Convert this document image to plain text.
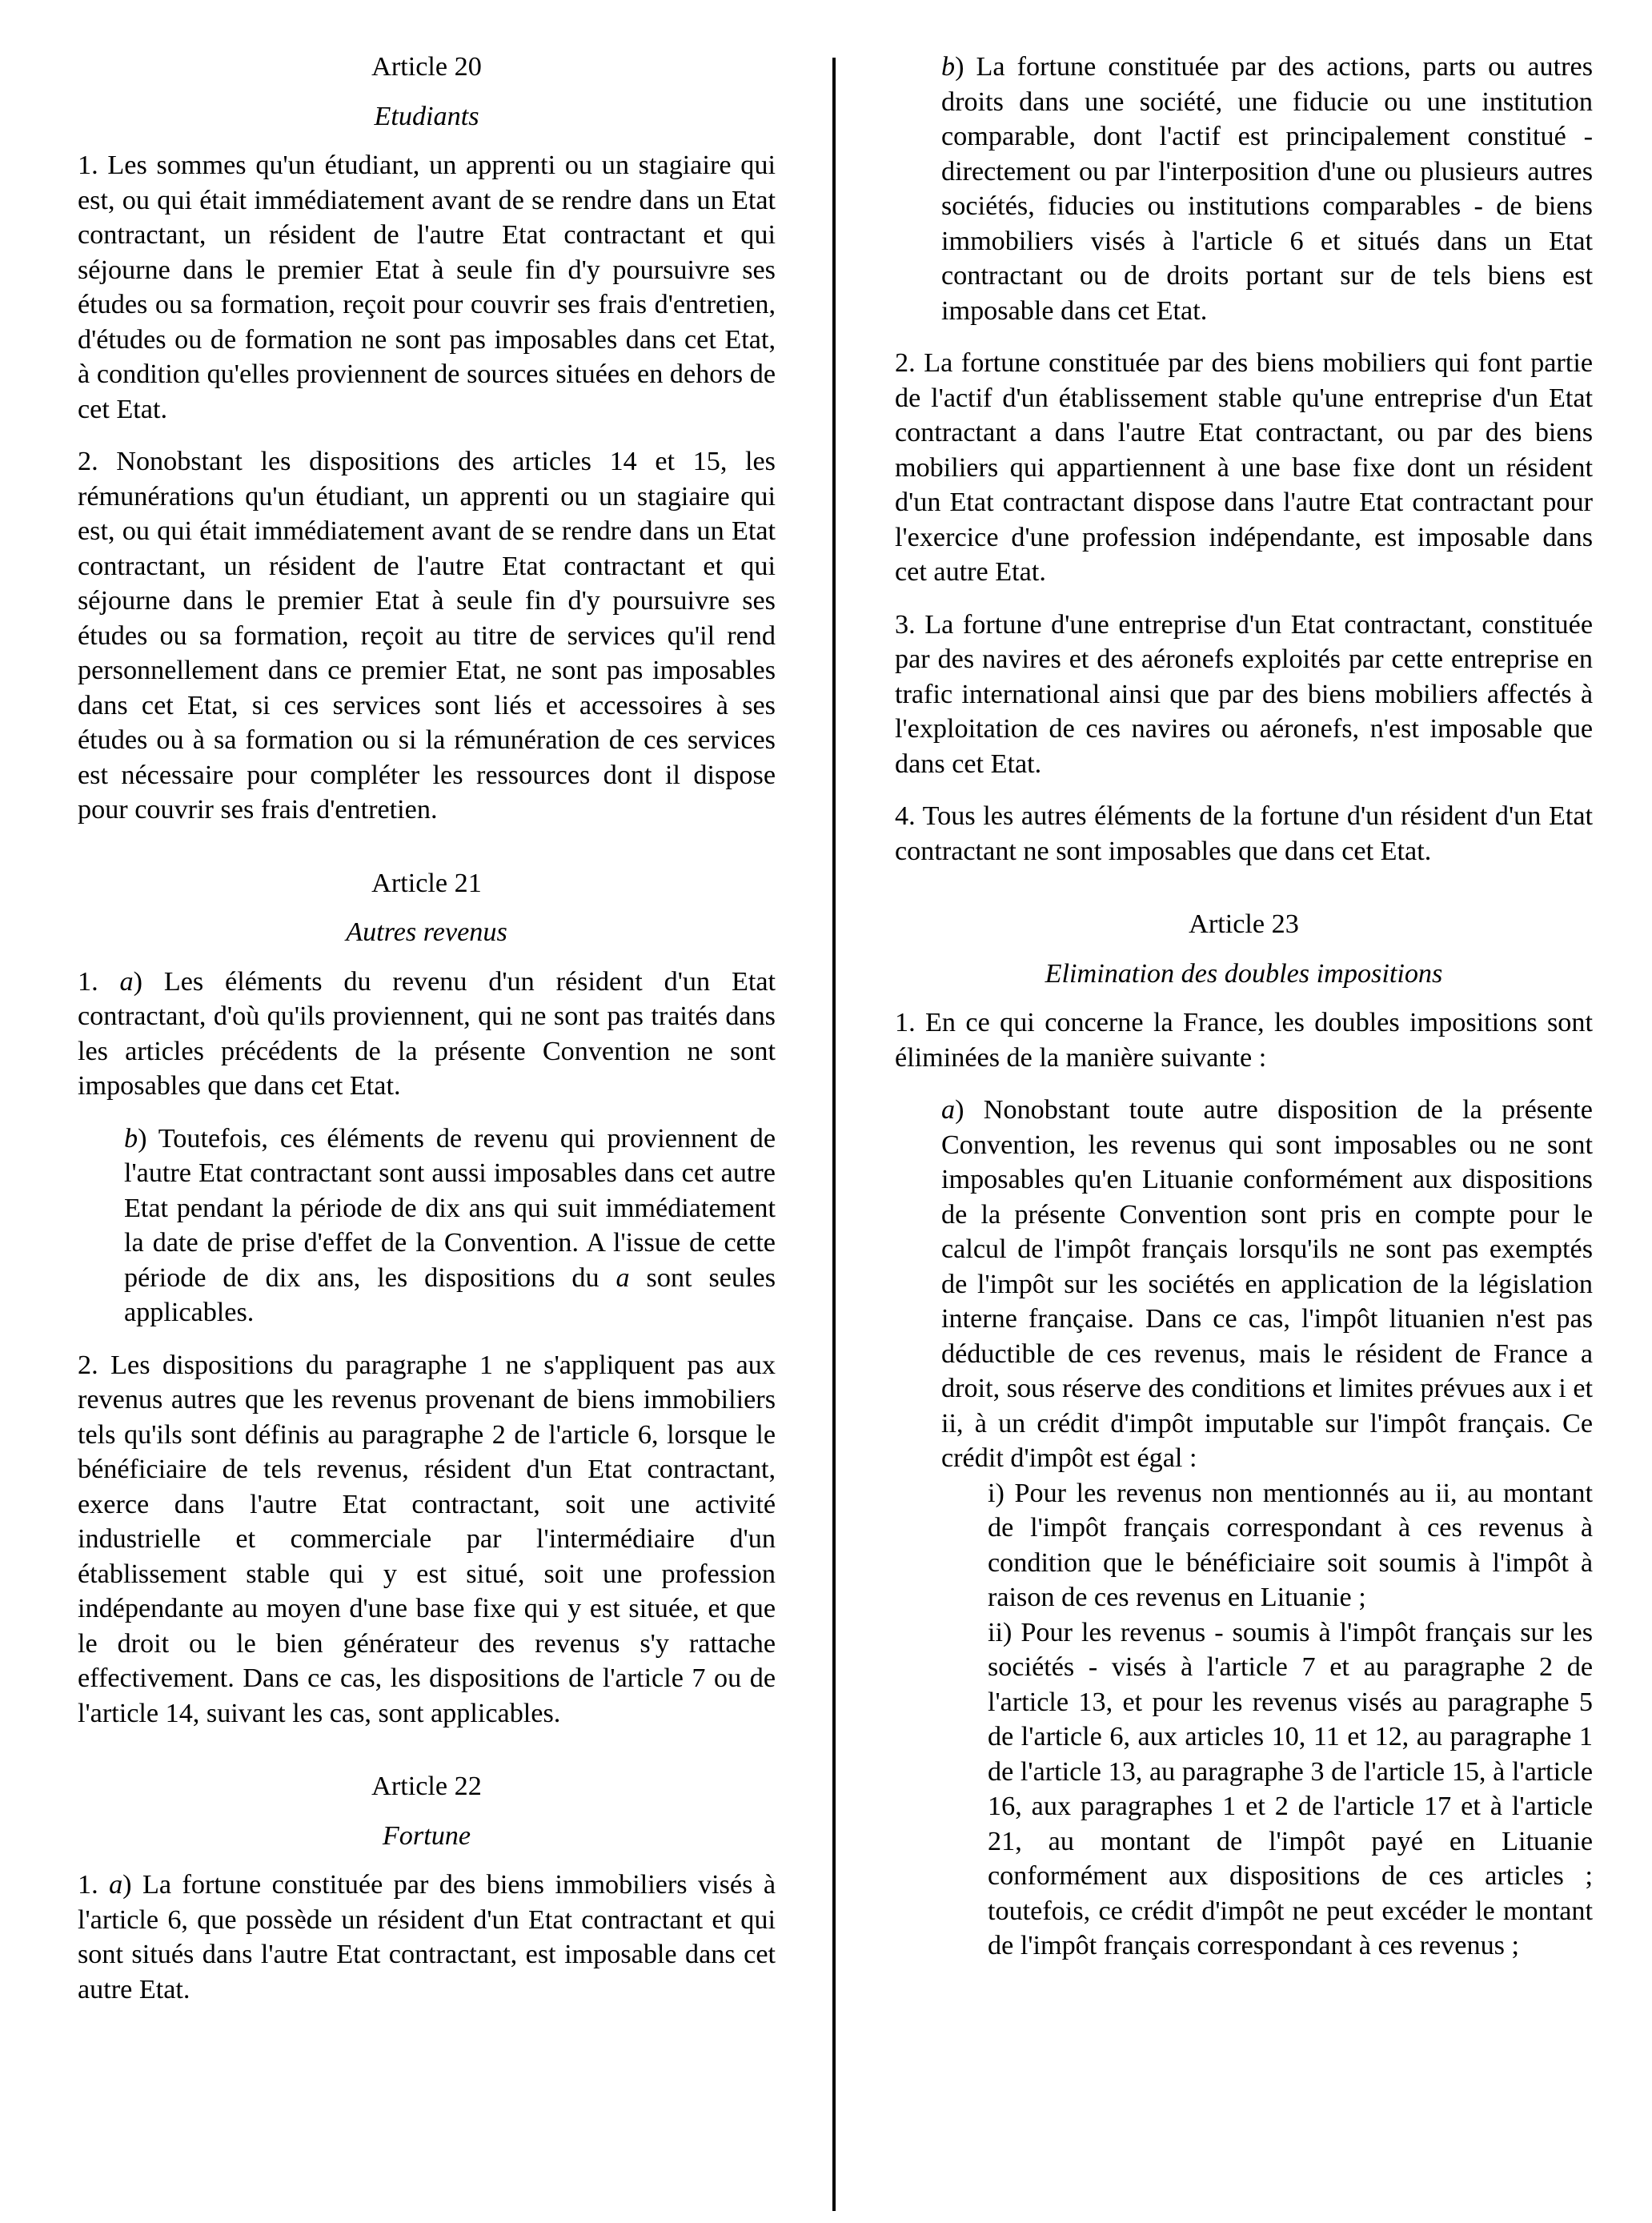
Article 20
Etudiants

1. Les sommes qu'un étudiant, un apprenti ou un stagiaire qui est, ou qui était immédiatement avant de se rendre dans un Etat contractant, un résident de l'autre Etat contractant et qui séjourne dans le premier Etat à seule fin d'y poursuivre ses études ou sa formation, reçoit pour couvrir ses frais d'entretien, d'études ou de formation ne sont pas imposables dans cet Etat, à condition qu'elles proviennent de sources situées en dehors de cet Etat.

2. Nonobstant les dispositions des articles 14 et 15, les rémunérations qu'un étudiant, un apprenti ou un stagiaire qui est, ou qui était immédiatement avant de se rendre dans un Etat contractant, un résident de l'autre Etat contractant et qui séjourne dans le premier Etat à seule fin d'y poursuivre ses études ou sa formation, reçoit au titre de services qu'il rend personnellement dans ce premier Etat, ne sont pas imposables dans cet Etat, si ces services sont liés et accessoires à ses études ou à sa formation ou si la rémunération de ces services est nécessaire pour compléter les ressources dont il dispose pour couvrir ses frais d'entretien.

Article 21
Autres revenus

1. a) Les éléments du revenu d'un résident d'un Etat contractant, d'où qu'ils proviennent, qui ne sont pas traités dans les articles précédents de la présente Convention ne sont imposables que dans cet Etat.

b) Toutefois, ces éléments de revenu qui proviennent de l'autre Etat contractant sont aussi imposables dans cet autre Etat pendant la période de dix ans qui suit immédiatement la date de prise d'effet de la Convention. A l'issue de cette période de dix ans, les dispositions du a sont seules applicables.

2. Les dispositions du paragraphe 1 ne s'appliquent pas aux revenus autres que les revenus provenant de biens immobiliers tels qu'ils sont définis au paragraphe 2 de l'article 6, lorsque le bénéficiaire de tels revenus, résident d'un Etat contractant, exerce dans l'autre Etat contractant, soit une activité industrielle et commerciale par l'intermédiaire d'un établissement stable qui y est situé, soit une profession indépendante au moyen d'une base fixe qui y est située, et que le droit ou le bien générateur des revenus s'y rattache effectivement. Dans ce cas, les dispositions de l'article 7 ou de l'article 14, suivant les cas, sont applicables.

Article 22
Fortune

1. a) La fortune constituée par des biens immobiliers visés à l'article 6, que possède un résident d'un Etat contractant et qui sont situés dans l'autre Etat contractant, est imposable dans cet autre Etat.

b) La fortune constituée par des actions, parts ou autres droits dans une société, une fiducie ou une institution comparable, dont l'actif est principalement constitué - directement ou par l'interposition d'une ou plusieurs autres sociétés, fiducies ou institutions comparables - de biens immobiliers visés à l'article 6 et situés dans un Etat contractant ou de droits portant sur de tels biens est imposable dans cet Etat.

2. La fortune constituée par des biens mobiliers qui font partie de l'actif d'un établissement stable qu'une entreprise d'un Etat contractant a dans l'autre Etat contractant, ou par des biens mobiliers qui appartiennent à une base fixe dont un résident d'un Etat contractant dispose dans l'autre Etat contractant pour l'exercice d'une profession indépendante, est imposable dans cet autre Etat.

3. La fortune d'une entreprise d'un Etat contractant, constituée par des navires et des aéronefs exploités par cette entreprise en trafic international ainsi que par des biens mobiliers affectés à l'exploitation de ces navires ou aéronefs, n'est imposable que dans cet Etat.

4. Tous les autres éléments de la fortune d'un résident d'un Etat contractant ne sont imposables que dans cet Etat.

Article 23
Elimination des doubles impositions

1. En ce qui concerne la France, les doubles impositions sont éliminées de la manière suivante :

a) Nonobstant toute autre disposition de la présente Convention, les revenus qui sont imposables ou ne sont imposables qu'en Lituanie conformément aux dispositions de la présente Convention sont pris en compte pour le calcul de l'impôt français lorsqu'ils ne sont pas exemptés de l'impôt sur les sociétés en application de la législation interne française. Dans ce cas, l'impôt lituanien n'est pas déductible de ces revenus, mais le résident de France a droit, sous réserve des conditions et limites prévues aux i et ii, à un crédit d'impôt imputable sur l'impôt français. Ce crédit d'impôt est égal :

i) Pour les revenus non mentionnés au ii, au montant de l'impôt français correspondant à ces revenus à condition que le bénéficiaire soit soumis à l'impôt à raison de ces revenus en Lituanie ;

ii) Pour les revenus - soumis à l'impôt français sur les sociétés - visés à l'article 7 et au paragraphe 2 de l'article 13, et pour les revenus visés au paragraphe 5 de l'article 6, aux articles 10, 11 et 12, au paragraphe 1 de l'article 13, au paragraphe 3 de l'article 15, à l'article 16, aux paragraphes 1 et 2 de l'article 17 et à l'article 21, au montant de l'impôt payé en Lituanie conformément aux dispositions de ces articles ; toutefois, ce crédit d'impôt ne peut excéder le montant de l'impôt français correspondant à ces revenus ;
